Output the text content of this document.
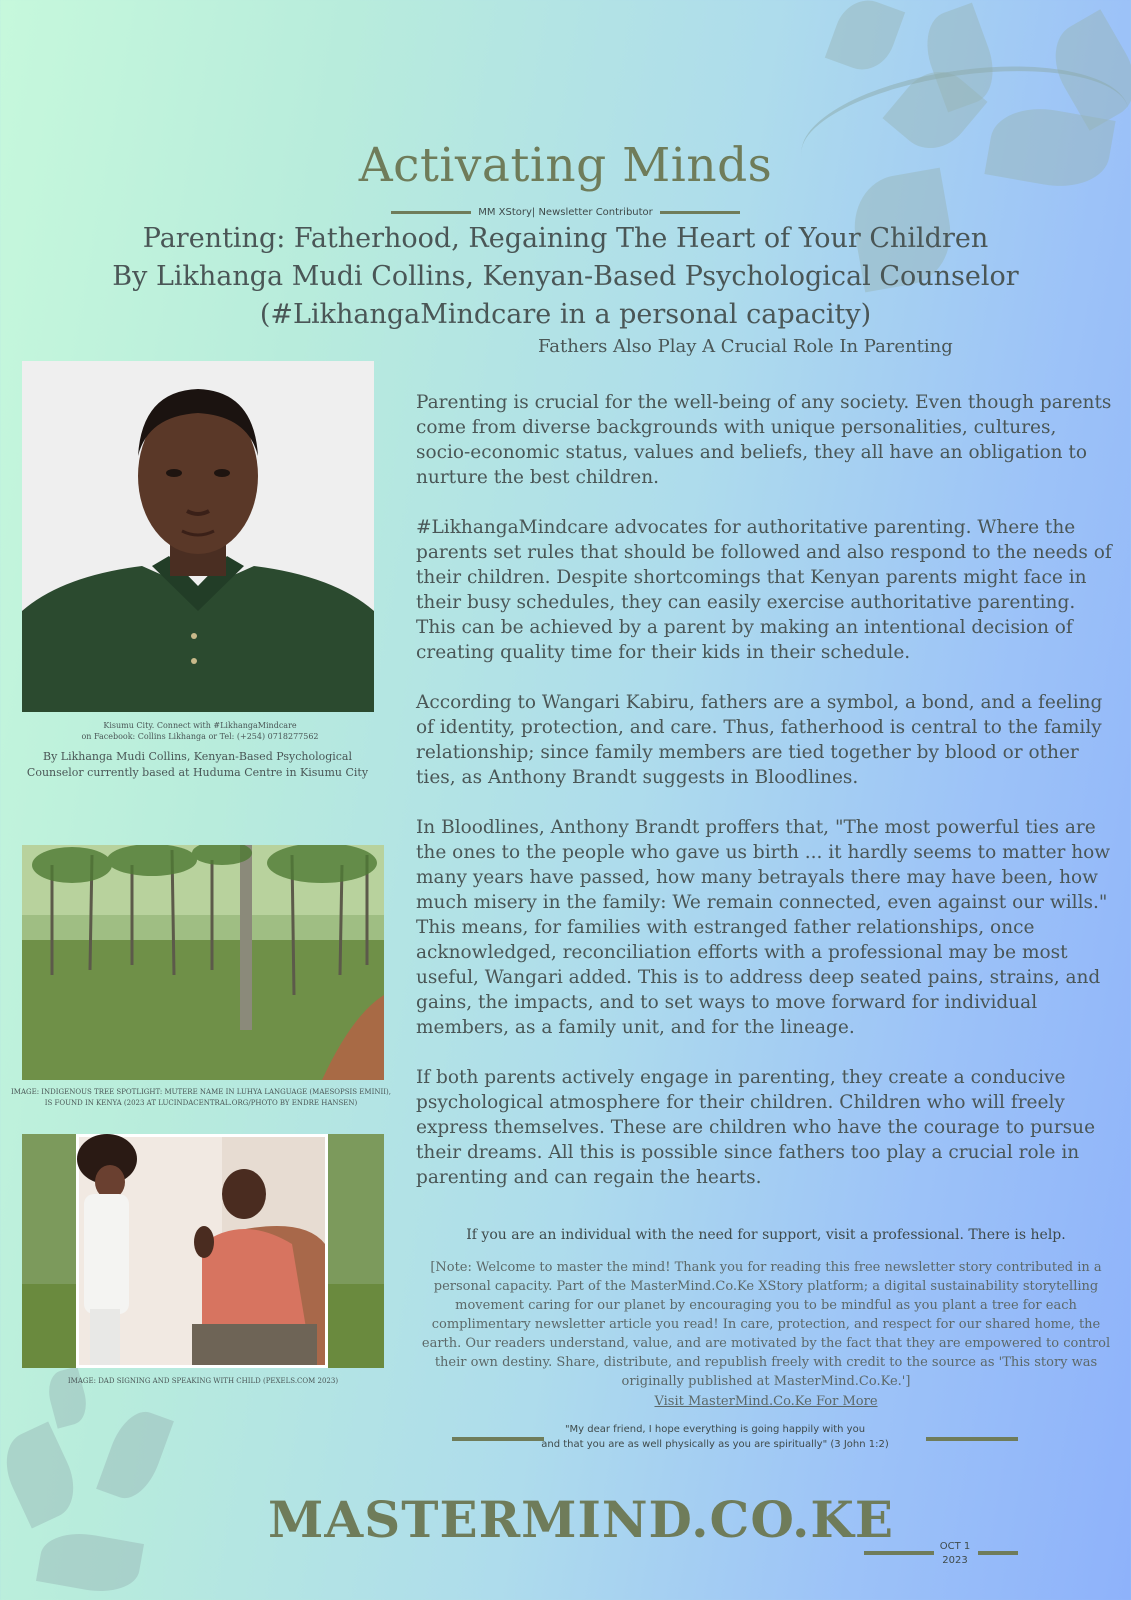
Activating Minds
MM XStory| Newsletter Contributor
Parenting: Fatherhood, Regaining The Heart of Your Children
By Likhanga Mudi Collins, Kenyan-Based Psychological Counselor
(#LikhangaMindcare in a personal capacity)
Fathers Also Play A Crucial Role In Parenting
Kisumu City. Connect with #LikhangaMindcare
on Facebook: Collins Likhanga or Tel: (+254) 0718277562
By Likhanga Mudi Collins, Kenyan-Based Psychological Counselor currently based at Huduma Centre in Kisumu City
IMAGE: INDIGENOUS TREE SPOTLIGHT: MUTERE NAME IN LUHYA LANGUAGE (MAESOPSIS EMINII),
IS FOUND IN KENYA (2023 AT LUCINDACENTRAL.ORG/PHOTO BY ENDRE HANSEN)
IMAGE: DAD SIGNING AND SPEAKING WITH CHILD (PEXELS.COM 2023)

Parenting is crucial for the well-being of any society. Even though parents come from diverse backgrounds with unique personalities, cultures, socio-economic status, values and beliefs, they all have an obligation to nurture the best children.

#LikhangaMindcare advocates for authoritative parenting. Where the parents set rules that should be followed and also respond to the needs of their children. Despite shortcomings that Kenyan parents might face in their busy schedules, they can easily exercise authoritative parenting. This can be achieved by a parent by making an intentional decision of creating quality time for their kids in their schedule.

According to Wangari Kabiru, fathers are a symbol, a bond, and a feeling of identity, protection, and care. Thus, fatherhood is central to the family relationship; since family members are tied together by blood or other ties, as Anthony Brandt suggests in Bloodlines.

In Bloodlines, Anthony Brandt proffers that, "The most powerful ties are the ones to the people who gave us birth ... it hardly seems to matter how many years have passed, how many betrayals there may have been, how much misery in the family: We remain connected, even against our wills." This means, for families with estranged father relationships, once acknowledged, reconciliation efforts with a professional may be most useful, Wangari added. This is to address deep seated pains, strains, and gains, the impacts, and to set ways to move forward for individual members, as a family unit, and for the lineage.

If both parents actively engage in parenting, they create a conducive psychological atmosphere for their children. Children who will freely express themselves. These are children who have the courage to pursue their dreams. All this is possible since fathers too play a crucial role in parenting and can regain the hearts.

If you are an individual with the need for support, visit a professional. There is help.
[Note: Welcome to master the mind! Thank you for reading this free newsletter story contributed in a personal capacity. Part of the MasterMind.Co.Ke XStory platform; a digital sustainability storytelling movement caring for our planet by encouraging you to be mindful as you plant a tree for each complimentary newsletter article you read! In care, protection, and respect for our shared home, the earth. Our readers understand, value, and are motivated by the fact that they are empowered to control their own destiny. Share, distribute, and republish freely with credit to the source as 'This story was originally published at MasterMind.Co.Ke.']
Visit MasterMind.Co.Ke For More
"My dear friend, I hope everything is going happily with you
and that you are as well physically as you are spiritually" (3 John 1:2)
MASTERMIND.CO.KE	OCT 1
2023
